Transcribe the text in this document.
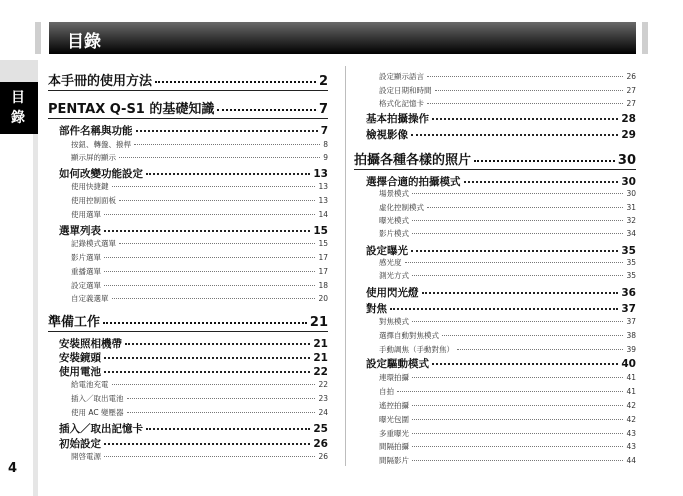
目錄
目錄
4
本手冊的使用方法	2
PENTAX Q-S1 的基礎知識	7
部件名稱與功能	7
按鈕、轉盤、撥桿	8
顯示屏的顯示	9
如何改變功能設定	13
使用快捷鍵	13
使用控制面板	13
使用選單	14
選單列表	15
記錄模式選單	15
影片選單	17
重播選單	17
設定選單	18
自定義選單	20
準備工作	21
安裝照相機帶	21
安裝鏡頭	21
使用電池	22
給電池充電	22
插入／取出電池	23
使用 AC 變壓器	24
插入／取出記憶卡	25
初始設定	26
開啓電源	26
設定顯示語言	26
設定日期和時間	27
格式化記憶卡	27
基本拍攝操作	28
檢視影像	29
拍攝各種各樣的照片	30
選擇合適的拍攝模式	30
場景模式	30
虛化控制模式	31
曝光模式	32
影片模式	34
設定曝光	35
感光度	35
測光方式	35
使用閃光燈	36
對焦	37
對焦模式	37
選擇自動對焦模式	38
手動調焦（手動對焦）	39
設定驅動模式	40
連環拍攝	41
自拍	41
遙控拍攝	42
曝光包圍	42
多重曝光	43
間隔拍攝	43
間隔影片	44
